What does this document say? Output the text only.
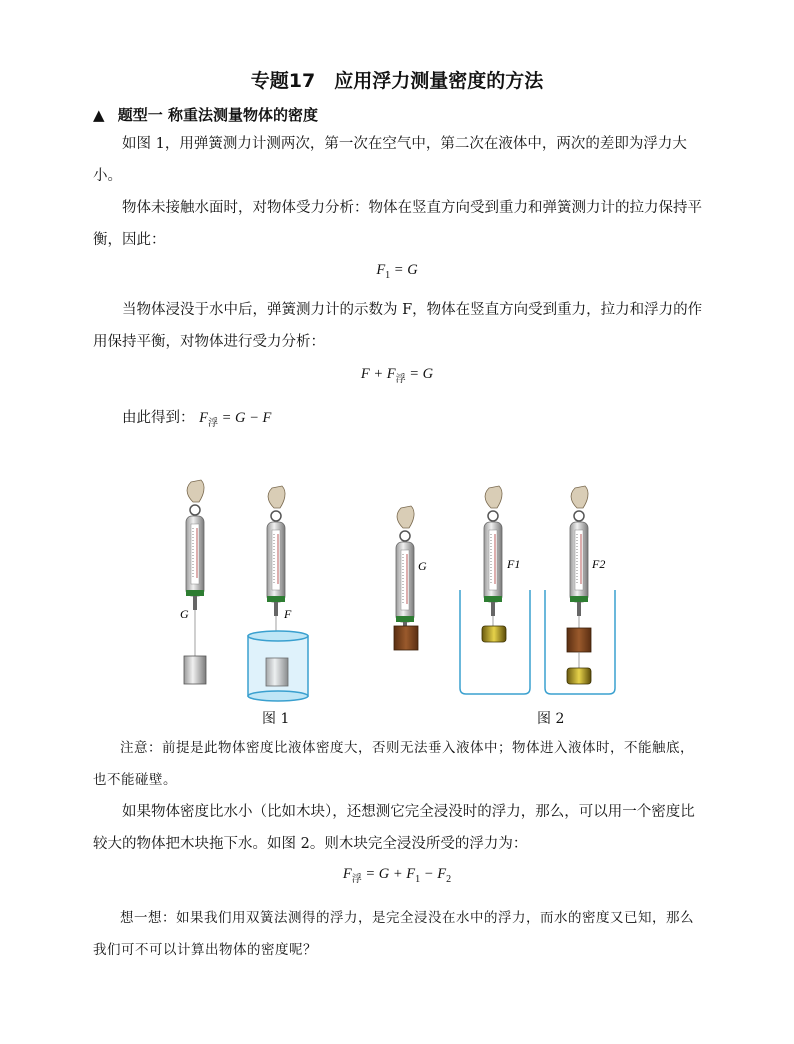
专题17　应用浮力测量密度的方法
▲ 题型一 称重法测量物体的密度

如图 1，用弹簧测力计测两次，第一次在空气中，第二次在液体中，两次的差即为浮力大小。

物体未接触水面时，对物体受力分析：物体在竖直方向受到重力和弹簧测力计的拉力保持平衡，因此：

$F_1 = G$

当物体浸没于水中后，弹簧测力计的示数为 F，物体在竖直方向受到重力，拉力和浮力的作用保持平衡，对物体进行受力分析：

$F + F_浮 = G$

由此得到： $F_浮 = G - F$

G	F
G	F1	F2
图 1	图 2

注意：前提是此物体密度比液体密度大，否则无法垂入液体中；物体进入液体时，不能触底，也不能碰壁。

如果物体密度比水小（比如木块），还想测它完全浸没时的浮力，那么，可以用一个密度比较大的物体把木块拖下水。如图 2。则木块完全浸没所受的浮力为：

$F_浮 = G + F_1 - F_2$

想一想：如果我们用双簧法测得的浮力，是完全浸没在水中的浮力，而水的密度又已知，那么我们可不可以计算出物体的密度呢？
